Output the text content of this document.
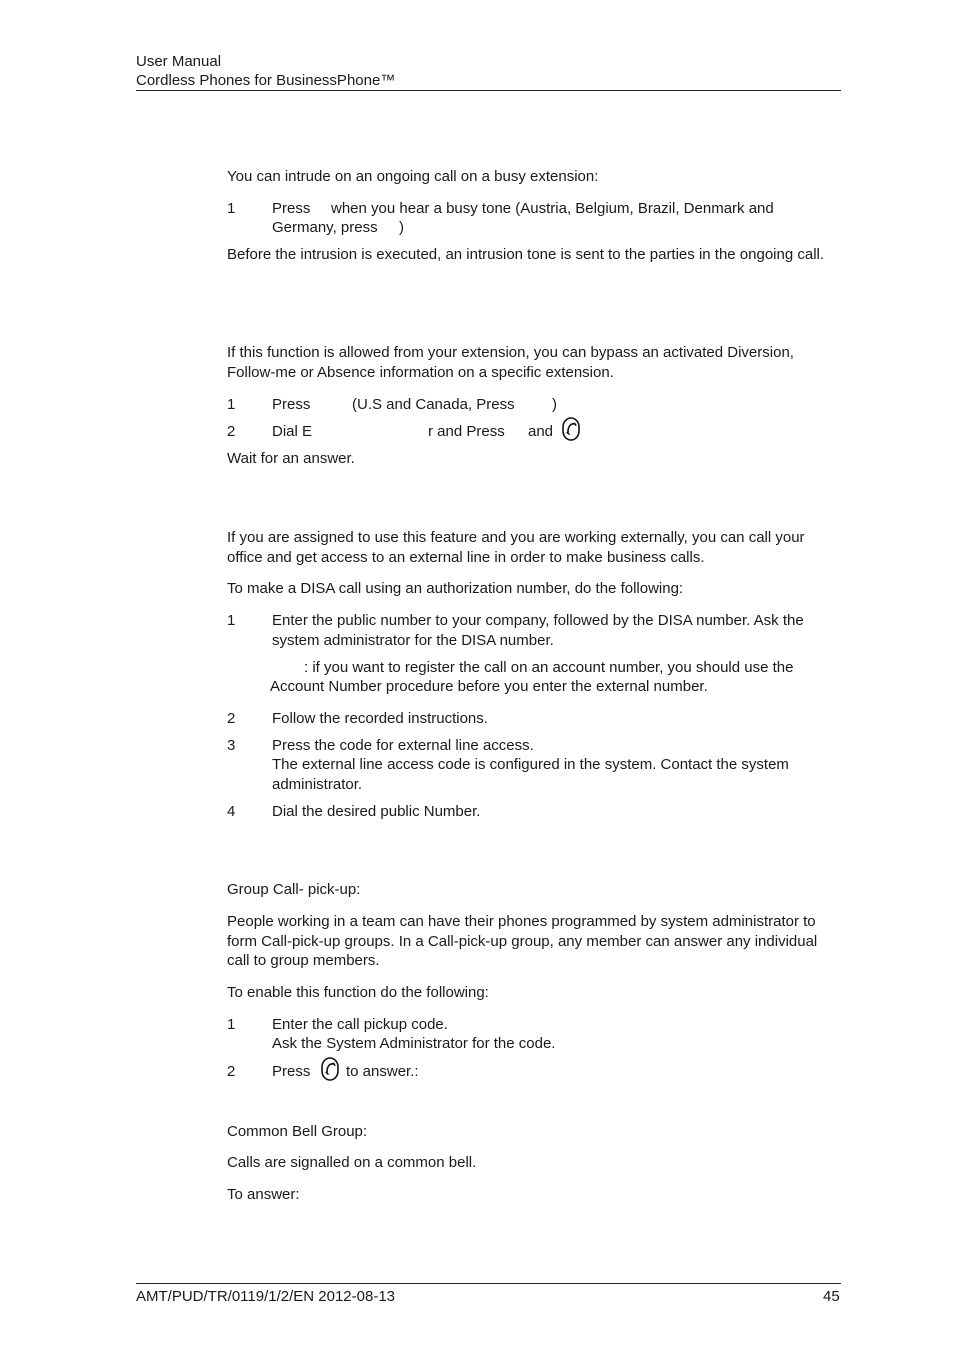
User Manual
Cordless Phones for BusinessPhone™
You can intrude on an ongoing call on a busy extension:
1 Press when you hear a busy tone (Austria, Belgium, Brazil, Denmark and
Germany, press )
Before the intrusion is executed, an intrusion tone is sent to the parties in the ongoing call.
If this function is allowed from your extension, you can bypass an activated Diversion, Follow-me or Absence information on a specific extension.
1 Press	(U.S and Canada, Press )
2 Dial E	r and Press and
Wait for an answer.
If you are assigned to use this feature and you are working externally, you can call your office and get access to an external line in order to make business calls.
To make a DISA call using an authorization number, do the following:
1 Enter the public number to your company, followed by the DISA number. Ask the system administrator for the DISA number.
: if you want to register the call on an account number, you should use the
Account Number procedure before you enter the external number.
2 Follow the recorded instructions.
3 Press the code for external line access.
The external line access code is configured in the system. Contact the system administrator.
4 Dial the desired public Number.
Group Call- pick-up:
People working in a team can have their phones programmed by system administrator to form Call-pick-up groups. In a Call-pick-up group, any member can answer any individual call to group members.
To enable this function do the following:
1 Enter the call pickup code.
Ask the System Administrator for the code.
2 Press to answer.:
Common Bell Group:
Calls are signalled on a common bell.
To answer:
AMT/PUD/TR/0119/1/2/EN 2012-08-13	45
